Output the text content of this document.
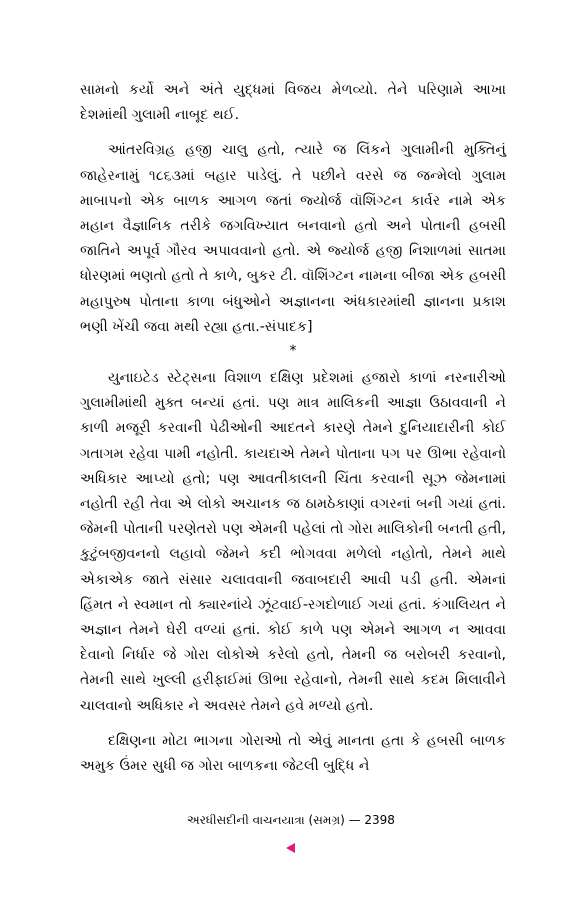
સામનો કર્યો અને અંતે યુદ્ધમાં વિજય મેળવ્યો. તેને પરિણામે આખા દેશમાંથી ગુલામી નાબૂદ થઈ.

આંતરવિગ્રહ હજી ચાલુ હતો, ત્યારે જ લિંકને ગુલામીની મુક્તિનું જાહેરનામું ૧૮૬૩માં બહાર પાડેલું. તે પછીને વરસે જ જન્મેલો ગુલામ માબાપનો એક બાળક આગળ જતાં જ્યોર્જ વૉશિંગ્ટન કાર્વર નામે એક મહાન વૈજ્ઞાનિક તરીકે જગવિખ્યાત બનવાનો હતો અને પોતાની હબસી જાતિને અપૂર્વ ગૌરવ અપાવવાનો હતો. એ જ્યોર્જ હજી નિશાળમાં સાતમા ધોરણમાં ભણતો હતો તે કાળે, બુકર ટી. વૉશિંગ્ટન નામના બીજા એક હબસી મહાપુરુષ પોતાના કાળા બંધુઓને અજ્ઞાનના અંધકારમાંથી જ્ઞાનના પ્રકાશ ભણી ખેંચી જવા મથી રહ્યા હતા.-સંપાદક]

*

યુનાઇટેડ સ્ટેટ્સના વિશાળ દક્ષિણ પ્રદેશમાં હજારો કાળાં નરનારીઓ ગુલામીમાંથી મુક્ત બન્યાં હતાં. પણ માત્ર માલિકની આજ્ઞા ઉઠાવવાની ને કાળી મજૂરી કરવાની પેઢીઓની આદતને કારણે તેમને દુનિયાદારીની કોઈ ગતાગમ રહેવા પામી નહોતી. કાયદાએ તેમને પોતાના પગ પર ઊભા રહેવાનો અધિકાર આપ્યો હતો; પણ આવતીકાલની ચિંતા કરવાની સૂઝ જેમનામાં નહોતી રહી તેવા એ લોકો અચાનક જ ઠામઠેકાણાં વગરનાં બની ગયાં હતાં. જેમની પોતાની પરણેતરો પણ એમની પહેલાં તો ગોરા માલિકોની બનતી હતી, કુટુંબજીવનનો લહાવો જેમને કદી ભોગવવા મળેલો નહોતો, તેમને માથે એકાએક જાતે સંસાર ચલાવવાની જવાબદારી આવી પડી હતી. એમનાં હિંમત ને સ્વમાન તો ક્યારનાંયે ઝૂંટવાઈ-રગદોળાઈ ગયાં હતાં. કંગાલિયત ને અજ્ઞાન તેમને ઘેરી વળ્યાં હતાં. કોઈ કાળે પણ એમને આગળ ન આવવા દેવાનો નિર્ધાર જે ગોરા લોકોએ કરેલો હતો, તેમની જ બરોબરી કરવાનો, તેમની સાથે ખુલ્લી હરીફાઈમાં ઊભા રહેવાનો, તેમની સાથે કદમ મિલાવીને ચાલવાનો અધિકાર ને અવસર તેમને હવે મળ્યો હતો.

દક્ષિણના મોટા ભાગના ગોરાઓ તો એવું માનતા હતા કે હબસી બાળક અમુક ઉંમર સુધી જ ગોરા બાળકના જેટલી બુદ્ધિ ને

અરધીસદીની વાચનયાત્રા (સમગ્ર) — 2398
